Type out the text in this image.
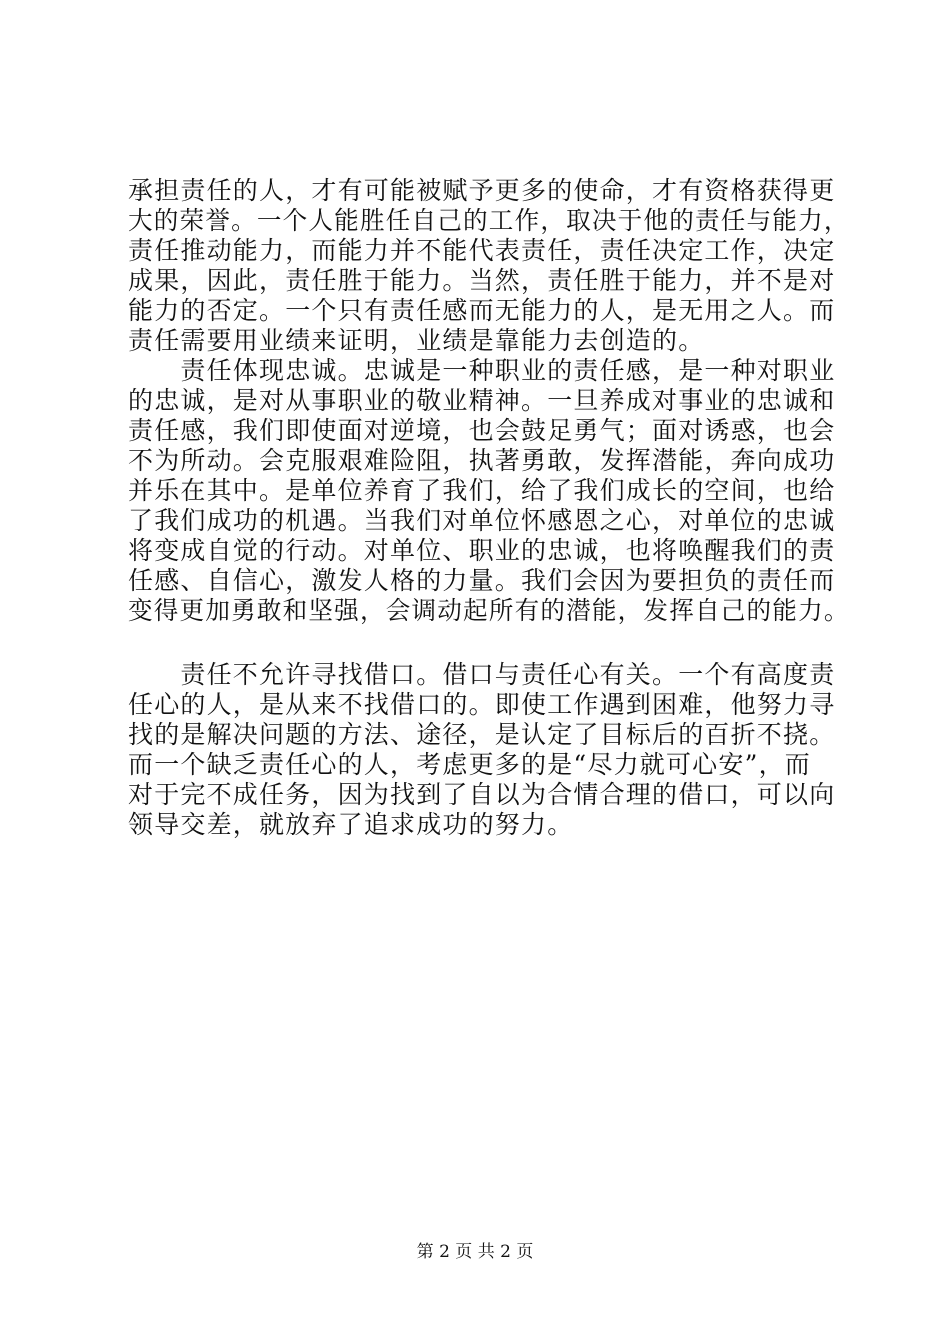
承担责任的人，才有可能被赋予更多的使命，才有资格获得更
大的荣誉。一个人能胜任自己的工作，取决于他的责任与能力，
责任推动能力，而能力并不能代表责任，责任决定工作，决定
成果，因此，责任胜于能力。当然，责任胜于能力，并不是对
能力的否定。一个只有责任感而无能力的人，是无用之人。而
责任需要用业绩来证明，业绩是靠能力去创造的。
　　责任体现忠诚。忠诚是一种职业的责任感，是一种对职业
的忠诚，是对从事职业的敬业精神。一旦养成对事业的忠诚和
责任感，我们即使面对逆境，也会鼓足勇气；面对诱惑，也会
不为所动。会克服艰难险阻，执著勇敢，发挥潜能，奔向成功
并乐在其中。是单位养育了我们，给了我们成长的空间，也给
了我们成功的机遇。当我们对单位怀感恩之心，对单位的忠诚
将变成自觉的行动。对单位、职业的忠诚，也将唤醒我们的责
任感、自信心，激发人格的力量。我们会因为要担负的责任而
变得更加勇敢和坚强，会调动起所有的潜能，发挥自己的能力。
　　责任不允许寻找借口。借口与责任心有关。一个有高度责
任心的人，是从来不找借口的。即使工作遇到困难，他努力寻
找的是解决问题的方法、途径，是认定了目标后的百折不挠。
而一个缺乏责任心的人，考虑更多的是“尽力就可心安”，而
对于完不成任务，因为找到了自以为合情合理的借口，可以向
领导交差，就放弃了追求成功的努力。
第 2 页 共 2 页
